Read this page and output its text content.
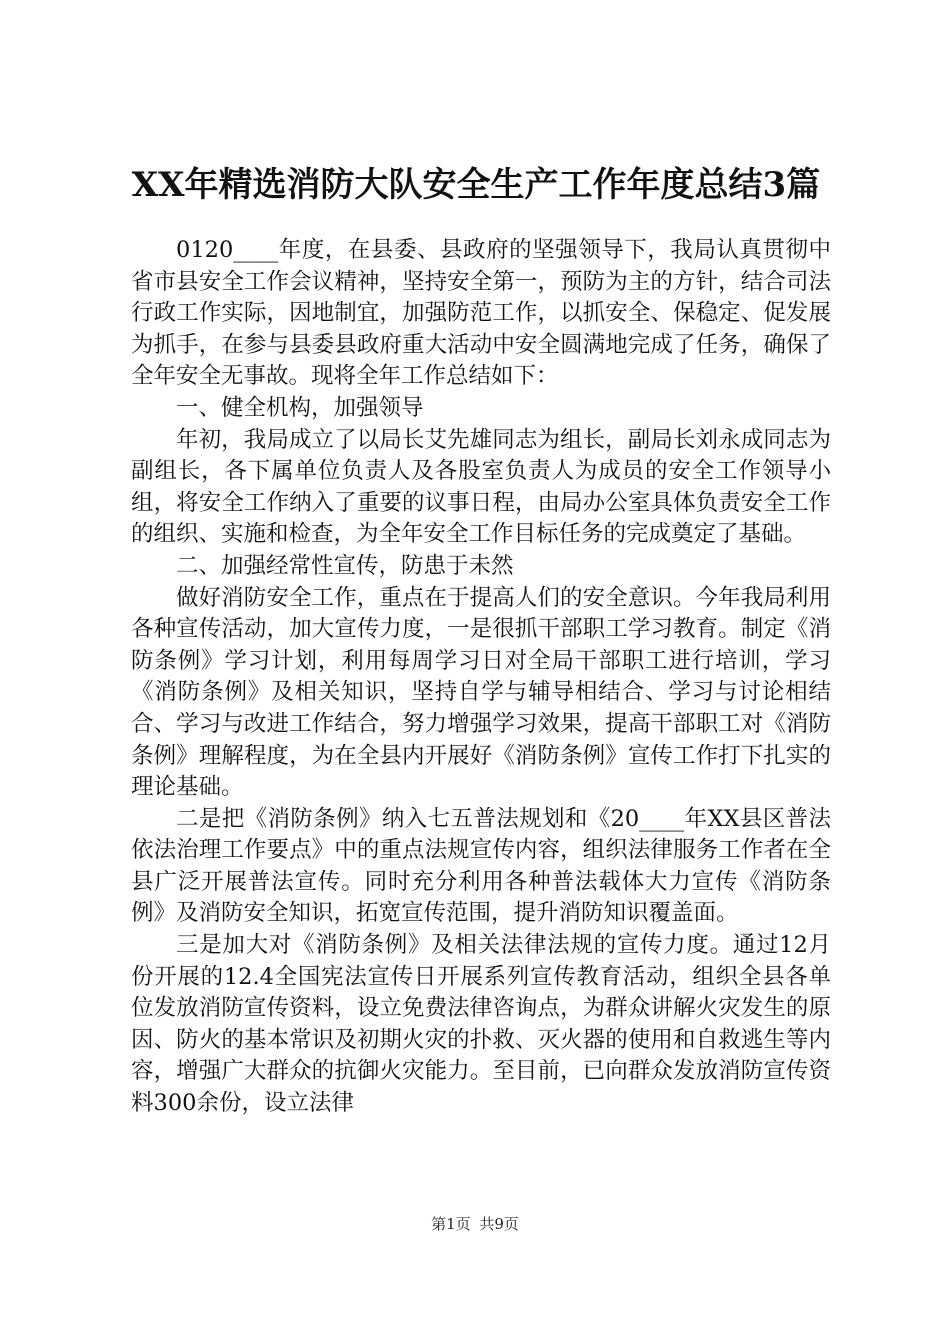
XX年精选消防大队安全生产工作年度总结3篇

0120____年度，在县委、县政府的坚强领导下，我局认真贯彻中省市县安全工作会议精神，坚持安全第一，预防为主的方针，结合司法行政工作实际，因地制宜，加强防范工作，以抓安全、保稳定、促发展为抓手，在参与县委县政府重大活动中安全圆满地完成了任务，确保了全年安全无事故。现将全年工作总结如下：

一、健全机构，加强领导

年初，我局成立了以局长艾先雄同志为组长，副局长刘永成同志为副组长，各下属单位负责人及各股室负责人为成员的安全工作领导小组，将安全工作纳入了重要的议事日程，由局办公室具体负责安全工作的组织、实施和检查，为全年安全工作目标任务的完成奠定了基础。

二、加强经常性宣传，防患于未然

做好消防安全工作，重点在于提高人们的安全意识。今年我局利用各种宣传活动，加大宣传力度，一是很抓干部职工学习教育。制定《消防条例》学习计划，利用每周学习日对全局干部职工进行培训，学习《消防条例》及相关知识，坚持自学与辅导相结合、学习与讨论相结合、学习与改进工作结合，努力增强学习效果，提高干部职工对《消防条例》理解程度，为在全县内开展好《消防条例》宣传工作打下扎实的理论基础。

二是把《消防条例》纳入七五普法规划和《20____年XX县区普法依法治理工作要点》中的重点法规宣传内容，组织法律服务工作者在全县广泛开展普法宣传。同时充分利用各种普法载体大力宣传《消防条例》及消防安全知识，拓宽宣传范围，提升消防知识覆盖面。

三是加大对《消防条例》及相关法律法规的宣传力度。通过12月份开展的12.4全国宪法宣传日开展系列宣传教育活动，组织全县各单位发放消防宣传资料，设立免费法律咨询点，为群众讲解火灾发生的原因、防火的基本常识及初期火灾的扑救、灭火器的使用和自救逃生等内容，增强广大群众的抗御火灾能力。至目前，已向群众发放消防宣传资料300余份，设立法律

第1页 共9页
